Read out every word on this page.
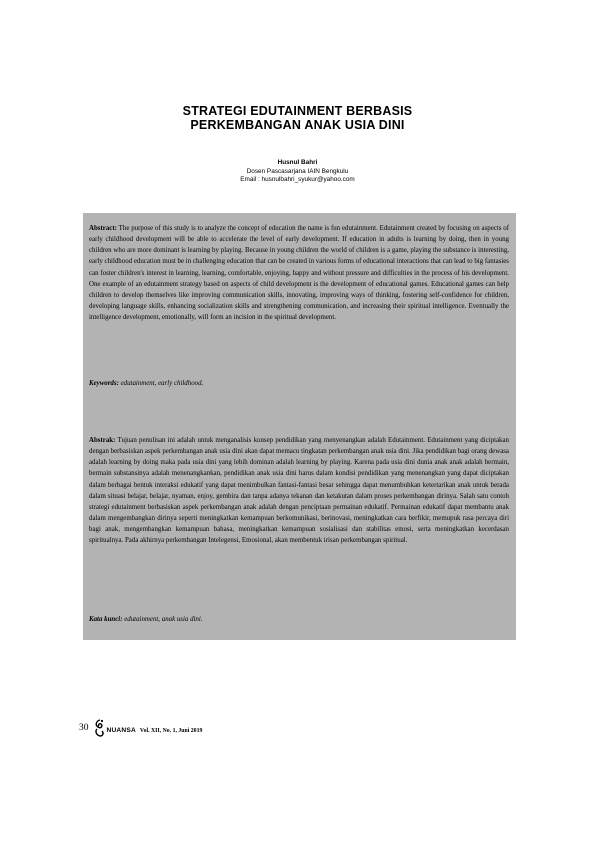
STRATEGI EDUTAINMENT BERBASIS
PERKEMBANGAN ANAK USIA DINI
Husnul Bahri
Dosen Pascasarjana IAIN Bengkulu
Email : husnulbahri_syukur@yahoo.com
Abstract: The purpose of this study is to analyze the concept of education the name is fun edutainment. Edutainment created by focusing on aspects of early childhood development will be able to accelerate the level of early development. If education in adults is learning by doing, then in young children who are more dominant is learning by playing. Because in young children the world of children is a game, playing the substance is interesting, early childhood education must be in challenging education that can be created in various forms of educational interactions that can lead to big fantasies can foster children's interest in learning, learning, comfortable, enjoying, happy and without pressure and difficulties in the process of his development. One example of an edutainment strategy based on aspects of child development is the development of educational games. Educational games can help children to develop themselves like improving communication skills, innovating, improving ways of thinking, fostering self-confidence for children, developing language skills, enhancing socialization skills and strengthening communication, and increasing their spiritual intelligence. Eventually the intelligence development, emotionally, will form an incision in the spiritual development.
Keywords: edutainment, early childhood.
Abstrak: Tujuan penulisan ini adalah untuk menganalisis konsep pendidikan yang menyenangkan adalah Edutainment. Edutainment yang diciptakan dengan berbasiskan aspek perkembangan anak usia dini akan dapat memacu tingkatan perkembangan anak usia dini. Jika pendidikan bagi orang dewasa adalah learning by doing maka pada usia dini yang lebih dominan adalah learning by playing. Karena pada usia dini dunia anak anak adalah bermain, bermain substansinya adalah menenangkankan, pendidikan anak usia dini harus dalam kondisi pendidikan yang menenangkan yang dapat diciptakan dalam berbagai bentuk interaksi edukatif yang dapat menimbulkan fantasi-fantasi besar sehingga dapat menumbuhkan ketertarikan anak untuk berada dalam situasi belajar, belajar, nyaman, enjoy, gembira dan tanpa adanya tekanan dan ketakutan dalam proses perkembangan dirinya. Salah satu contoh strategi edutainment berbasiskan aspek perkembangan anak adalah dengan penciptaan permainan edukatif. Permainan edukatif dapat membantu anak dalam mengembangkan dirinya seperti meningkatkan kemampuan berkomunikasi, berinovasi, meningkatkan cara berfikir, memupuk rasa percaya diri bagi anak, mengembangkan kemampuan bahasa, meningkatkan kemampuan sosialisasi dan stabilitas emosi, serta meningkatkan kecerdasan spiritualnya. Pada akhirnya perkembangan Intelegensi, Emosional, akan membentuk irisan perkembangan spiritual.
Kata kunci: edutainment, anak usia dini.
30	NUANSA Vol. XII, No. 1, Juni 2019
